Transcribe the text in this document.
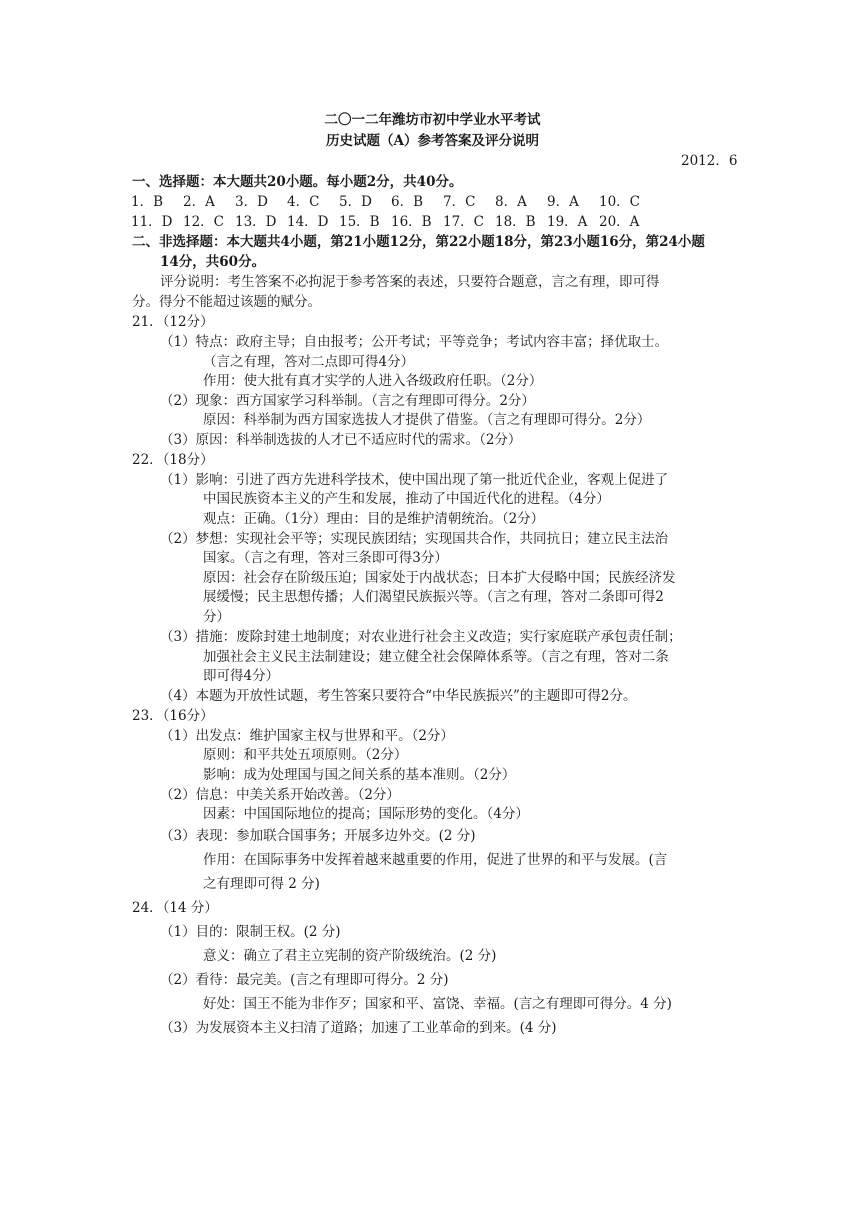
二〇一二年潍坊市初中学业水平考试
历史试题（A）参考答案及评分说明
2012．6
一、选择题：本大题共20小题。每小题2分，共40分。
1．B 2．A 3．D 4．C 5．D 6．B 7．C 8．A 9．A 10．C
11．D 12．C 13．D 14．D 15．B 16．B 17．C 18．B 19．A 20．A
二、非选择题：本大题共4小题，第21小题12分，第22小题18分，第23小题16分，第24小题
14分，共60分。
评分说明：考生答案不必拘泥于参考答案的表述，只要符合题意，言之有理，即可得
分。得分不能超过该题的赋分。
21．（12分）
（1）特点：政府主导；自由报考；公开考试；平等竞争；考试内容丰富；择优取士。
（言之有理，答对二点即可得4分）
作用：使大批有真才实学的人进入各级政府任职。（2分）
（2）现象：西方国家学习科举制。（言之有理即可得分。2分）
原因：科举制为西方国家选拔人才提供了借鉴。（言之有理即可得分。2分）
（3）原因：科举制选拔的人才已不适应时代的需求。（2分）
22．（18分）
（1）影响：引进了西方先进科学技术，使中国出现了第一批近代企业，客观上促进了
中国民族资本主义的产生和发展，推动了中国近代化的进程。（4分）
观点：正确。（1分）理由：目的是维护清朝统治。（2分）
（2）梦想：实现社会平等；实现民族团结；实现国共合作，共同抗日；建立民主法治
国家。（言之有理，答对三条即可得3分）
原因：社会存在阶级压迫；国家处于内战状态；日本扩大侵略中国；民族经济发
展缓慢；民主思想传播；人们渴望民族振兴等。（言之有理，答对二条即可得2
分）
（3）措施：废除封建土地制度；对农业进行社会主义改造；实行家庭联产承包责任制；
加强社会主义民主法制建设；建立健全社会保障体系等。（言之有理，答对二条
即可得4分）
（4）本题为开放性试题，考生答案只要符合“中华民族振兴”的主题即可得2分。
23．（16分）
（1）出发点：维护国家主权与世界和平。（2分）
原则：和平共处五项原则。（2分）
影响：成为处理国与国之间关系的基本准则。（2分）
（2）信息：中美关系开始改善。（2分）
因素：中国国际地位的提高；国际形势的变化。（4分）
（3）表现：参加联合国事务；开展多边外交。(2 分)
作用：在国际事务中发挥着越来越重要的作用，促进了世界的和平与发展。(言
之有理即可得 2 分)
24．（14 分）
（1）目的：限制王权。(2 分)
意义：确立了君主立宪制的资产阶级统治。(2 分)
（2）看待：最完美。(言之有理即可得分。2 分)
好处：国王不能为非作歹；国家和平、富饶、幸福。(言之有理即可得分。4 分)
（3）为发展资本主义扫清了道路；加速了工业革命的到来。(4 分)
